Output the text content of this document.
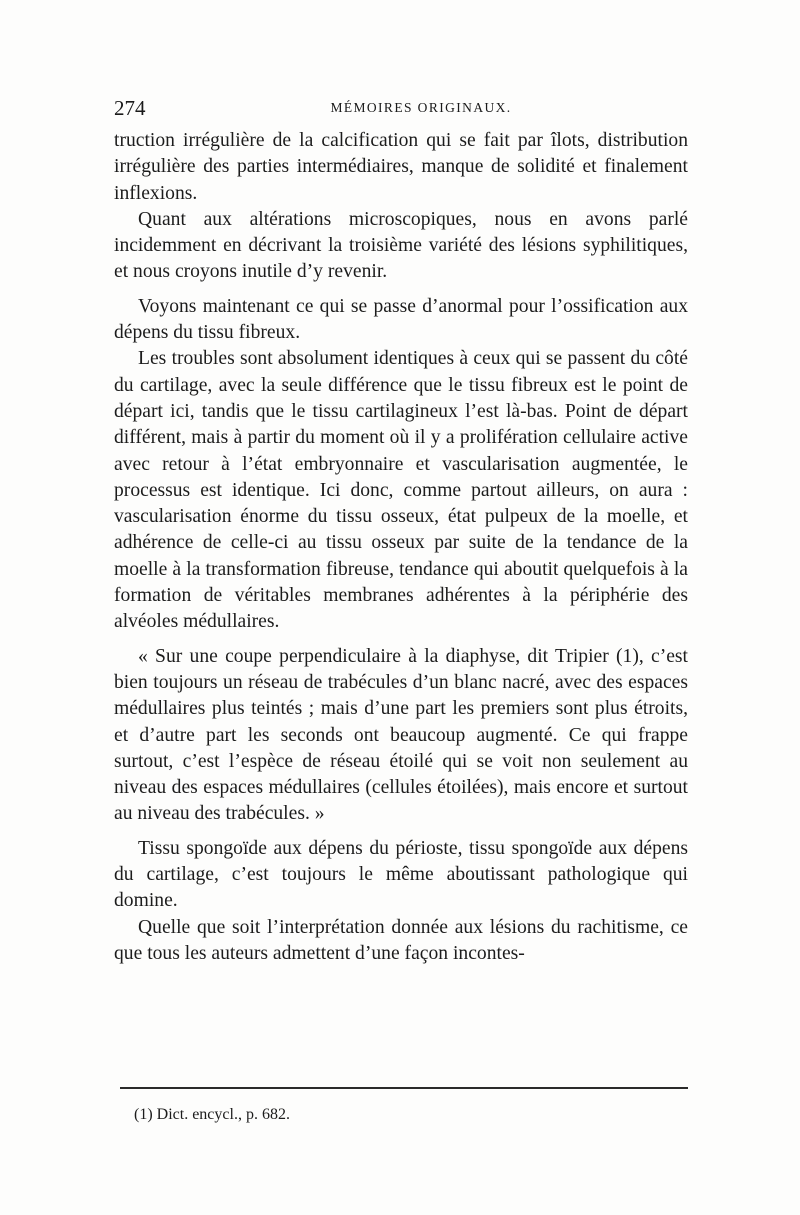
274	MÉMOIRES ORIGINAUX.

truction irrégulière de la calcification qui se fait par îlots, distribution irrégulière des parties intermédiaires, manque de solidité et finalement inflexions.

Quant aux altérations microscopiques, nous en avons parlé incidemment en décrivant la troisième variété des lésions syphilitiques, et nous croyons inutile d’y revenir.

Voyons maintenant ce qui se passe d’anormal pour l’ossification aux dépens du tissu fibreux.

Les troubles sont absolument identiques à ceux qui se passent du côté du cartilage, avec la seule différence que le tissu fibreux est le point de départ ici, tandis que le tissu cartilagineux l’est là-bas. Point de départ différent, mais à partir du moment où il y a prolifération cellulaire active avec retour à l’état embryonnaire et vascularisation augmentée, le processus est identique. Ici donc, comme partout ailleurs, on aura : vascularisation énorme du tissu osseux, état pulpeux de la moelle, et adhérence de celle-ci au tissu osseux par suite de la tendance de la moelle à la transformation fibreuse, tendance qui aboutit quelquefois à la formation de véritables membranes adhérentes à la périphérie des alvéoles médullaires.

« Sur une coupe perpendiculaire à la diaphyse, dit Tripier (1), c’est bien toujours un réseau de trabécules d’un blanc nacré, avec des espaces médullaires plus teintés ; mais d’une part les premiers sont plus étroits, et d’autre part les seconds ont beaucoup augmenté. Ce qui frappe surtout, c’est l’espèce de réseau étoilé qui se voit non seulement au niveau des espaces médullaires (cellules étoilées), mais encore et surtout au niveau des trabécules. »

Tissu spongoïde aux dépens du périoste, tissu spongoïde aux dépens du cartilage, c’est toujours le même aboutissant pathologique qui domine.

Quelle que soit l’interprétation donnée aux lésions du rachitisme, ce que tous les auteurs admettent d’une façon incontes-

(1) Dict. encycl., p. 682.
